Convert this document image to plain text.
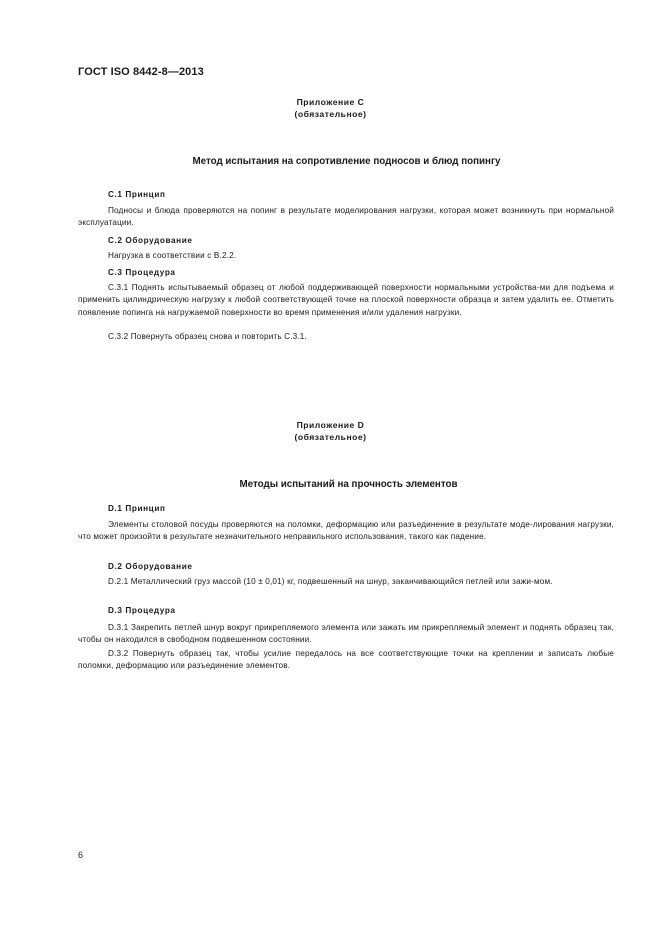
ГОСТ ISO 8442-8—2013
Приложение C
(обязательное)
Метод испытания на сопротивление подносов и блюд попингу
C.1 Принцип
Подносы и блюда проверяются на попинг в результате моделирования нагрузки, которая может возникнуть при нормальной эксплуатации.
C.2 Оборудование
Нагрузка в соответствии с B.2.2.
C.3 Процедура
C.3.1 Поднять испытываемый образец от любой поддерживающей поверхности нормальными устройства-ми для подъема и применить цилиндрическую нагрузку к любой соответствующей точке на плоской поверхности образца и затем удалить ее. Отметить появление попинга на нагружаемой поверхности во время применения и/или удаления нагрузки.
C.3.2 Повернуть образец снова и повторить C.3.1.
Приложение D
(обязательное)
Методы испытаний на прочность элементов
D.1 Принцип
Элементы столовой посуды проверяются на поломки, деформацию или разъединение в результате моде-лирования нагрузки, что может произойти в результате незначительного неправильного использования, такого как падение.
D.2 Оборудование
D.2.1 Металлический груз массой (10 ± 0,01) кг, подвешенный на шнур, заканчивающийся петлей или зажи-мом.
D.3 Процедура
D.3.1 Закрепить петлей шнур вокруг прикрепляемого элемента или зажать им прикрепляемый элемент и поднять образец так, чтобы он находился в свободном подвешенном состоянии.
D.3.2 Повернуть образец так, чтобы усилие передалось на все соответствующие точки на креплении и записать любые поломки, деформацию или разъединение элементов.
6
